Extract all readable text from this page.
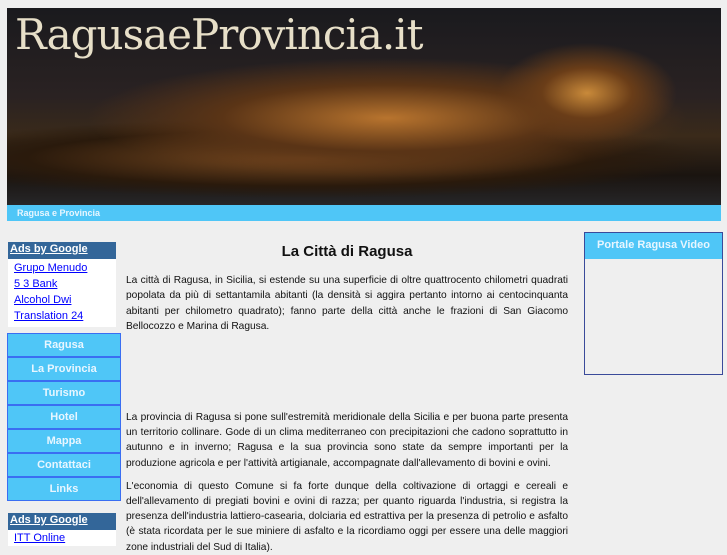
RagusaeProvincia.it
Ragusa e Provincia
Ads by Google
Grupo Menudo
5 3 Bank
Alcohol Dwi
Translation 24
Ragusa
La Provincia
Turismo
Hotel
Mappa
Contattaci
Links
Ads by Google
ITT Online
La Città di Ragusa

La città di Ragusa, in Sicilia, si estende su una superficie di oltre quattrocento chilometri quadrati popolata da più di settantamila abitanti (la densità si aggira pertanto intorno ai centocinquanta abitanti per chilometro quadrato); fanno parte della città anche le frazioni di San Giacomo Bellocozzo e Marina di Ragusa.

La provincia di Ragusa si pone sull'estremità meridionale della Sicilia e per buona parte presenta un territorio collinare. Gode di un clima mediterraneo con precipitazioni che cadono soprattutto in autunno e in inverno; Ragusa e la sua provincia sono state da sempre importanti per la produzione agricola e per l'attività artigianale, accompagnate dall'allevamento di bovini e ovini.

L'economia di questo Comune si fa forte dunque della coltivazione di ortaggi e cereali e dell'allevamento di pregiati bovini e ovini di razza; per quanto riguarda l'industria, si registra la presenza dell'industria lattiero-casearia, dolciaria ed estrattiva per la presenza di petrolio e asfalto (è stata ricordata per le sue miniere di asfalto e la ricordiamo oggi per essere una delle maggiori zone industriali del Sud di Italia).

Portale Ragusa Video
